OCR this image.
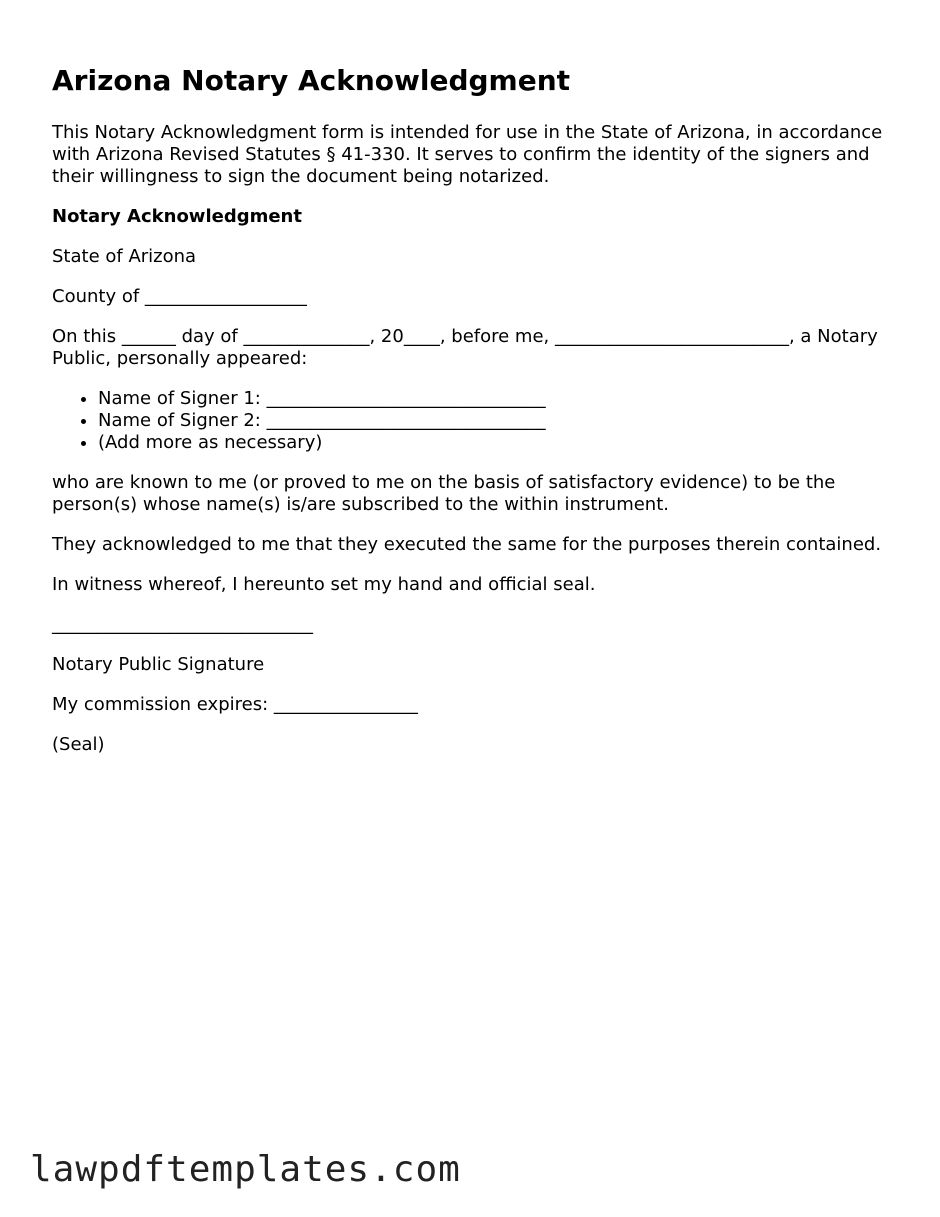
Arizona Notary Acknowledgment

This Notary Acknowledgment form is intended for use in the State of Arizona, in accordance with Arizona Revised Statutes § 41-330. It serves to confirm the identity of the signers and their willingness to sign the document being notarized.

Notary Acknowledgment

State of Arizona

County of __________________

On this ______ day of ______________, 20____, before me, __________________________, a Notary Public, personally appeared:

• Name of Signer 1: _______________________________
• Name of Signer 2: _______________________________
• (Add more as necessary)

who are known to me (or proved to me on the basis of satisfactory evidence) to be the person(s) whose name(s) is/are subscribed to the within instrument.

They acknowledged to me that they executed the same for the purposes therein contained.

In witness whereof, I hereunto set my hand and official seal.

_____________________________

Notary Public Signature

My commission expires: ________________

(Seal)

lawpdftemplates.com
